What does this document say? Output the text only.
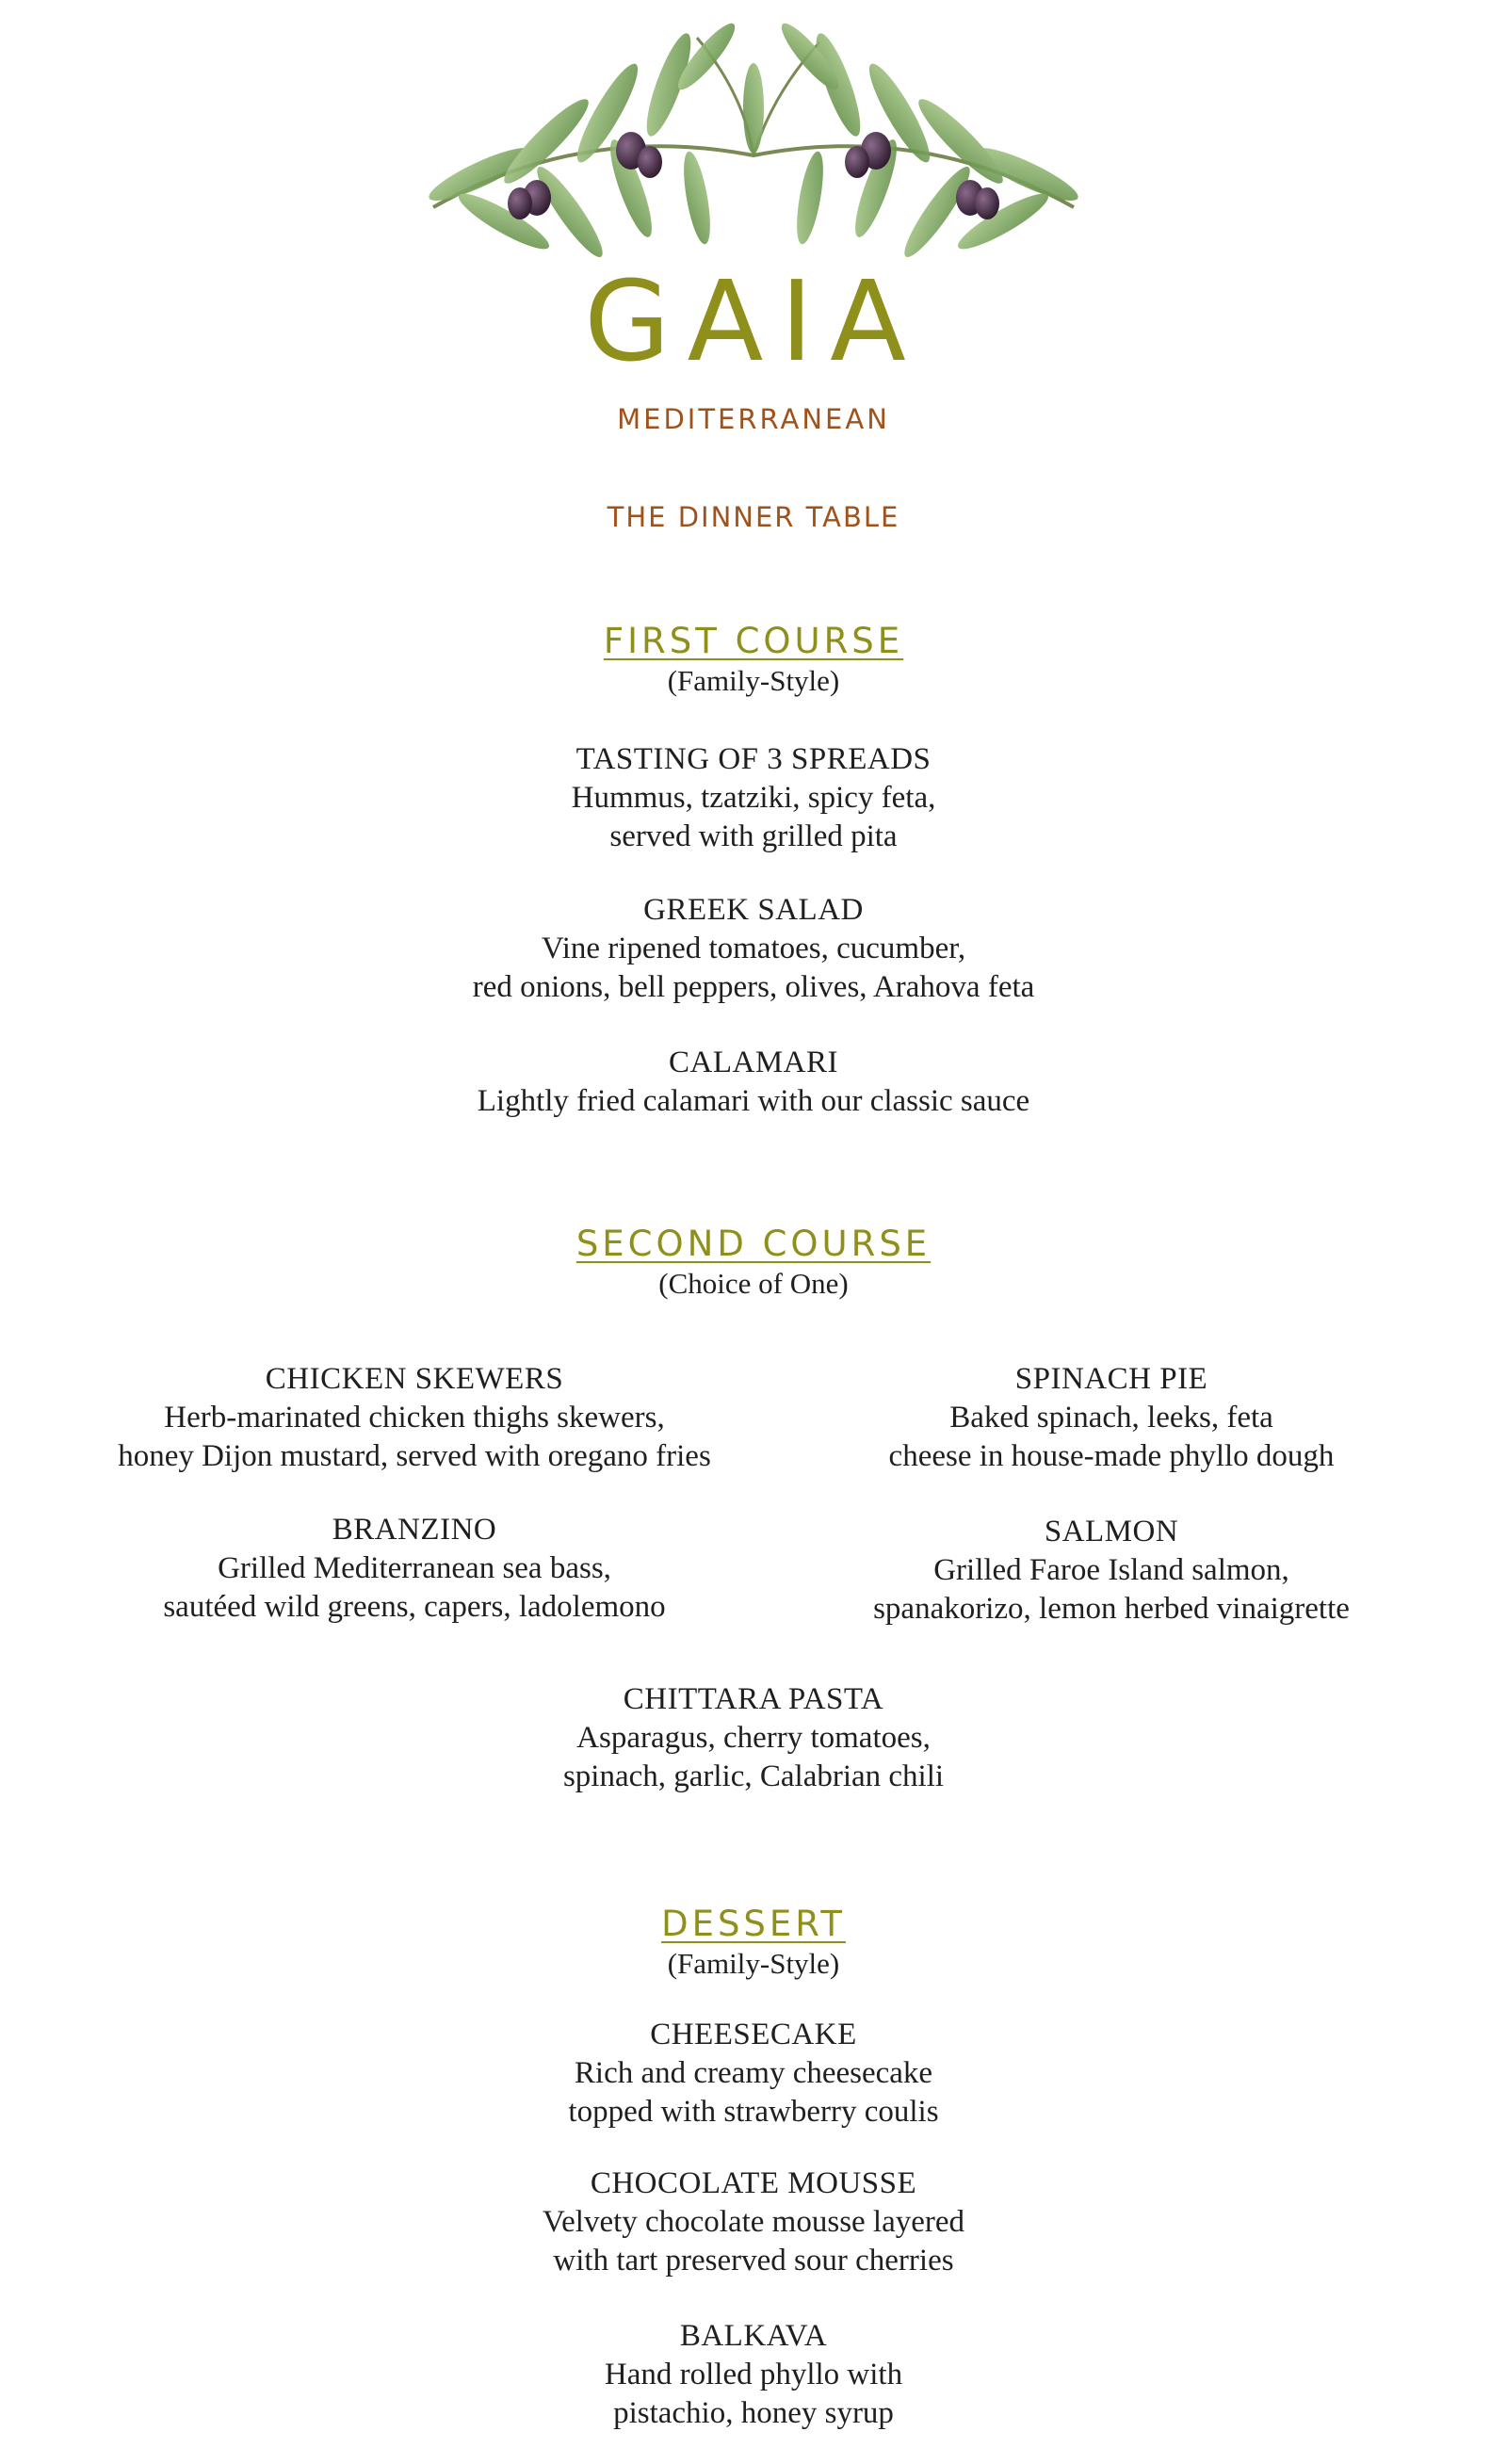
GAIA
MEDITERRANEAN
THE DINNER TABLE
FIRST COURSE
(Family-Style)
TASTING OF 3 SPREADS
Hummus, tzatziki, spicy feta,
served with grilled pita
GREEK SALAD
Vine ripened tomatoes, cucumber,
red onions, bell peppers, olives, Arahova feta
CALAMARI
Lightly fried calamari with our classic sauce
SECOND COURSE
(Choice of One)
CHICKEN SKEWERS
Herb-marinated chicken thighs skewers,
honey Dijon mustard, served with oregano fries
SPINACH PIE
Baked spinach, leeks, feta
cheese in house-made phyllo dough
BRANZINO
Grilled Mediterranean sea bass,
sautéed wild greens, capers, ladolemono
SALMON
Grilled Faroe Island salmon,
spanakorizo, lemon herbed vinaigrette
CHITTARA PASTA
Asparagus, cherry tomatoes,
spinach, garlic, Calabrian chili
DESSERT
(Family-Style)
CHEESECAKE
Rich and creamy cheesecake
topped with strawberry coulis
CHOCOLATE MOUSSE
Velvety chocolate mousse layered
with tart preserved sour cherries
BALKAVA
Hand rolled phyllo with
pistachio, honey syrup
